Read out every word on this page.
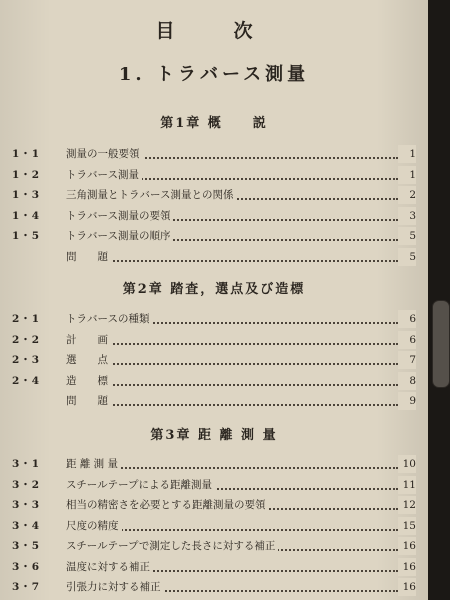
目　次
1. トラバース測量
第1章 概　　説
1・1	測量の一般要領	1
1・2	トラバース測量	1
1・3	三角測量とトラバース測量との関係	2
1・4	トラバース測量の要領	3
1・5	トラバース測量の順序	5
問　　題	5
第2章 踏査，選点及び造標
2・1	トラバースの種類	6
2・2	計　　画	6
2・3	選　　点	7
2・4	造　　標	8
問　　題	9
第3章 距 離 測 量
3・1	距 離 測 量	10
3・2	スチールテープによる距離測量	11
3・3	相当の精密さを必要とする距離測量の要領	12
3・4	尺度の精度	15
3・5	スチールテープで測定した長さに対する補正	16
3・6	温度に対する補正	16
3・7	引張力に対する補正	16
